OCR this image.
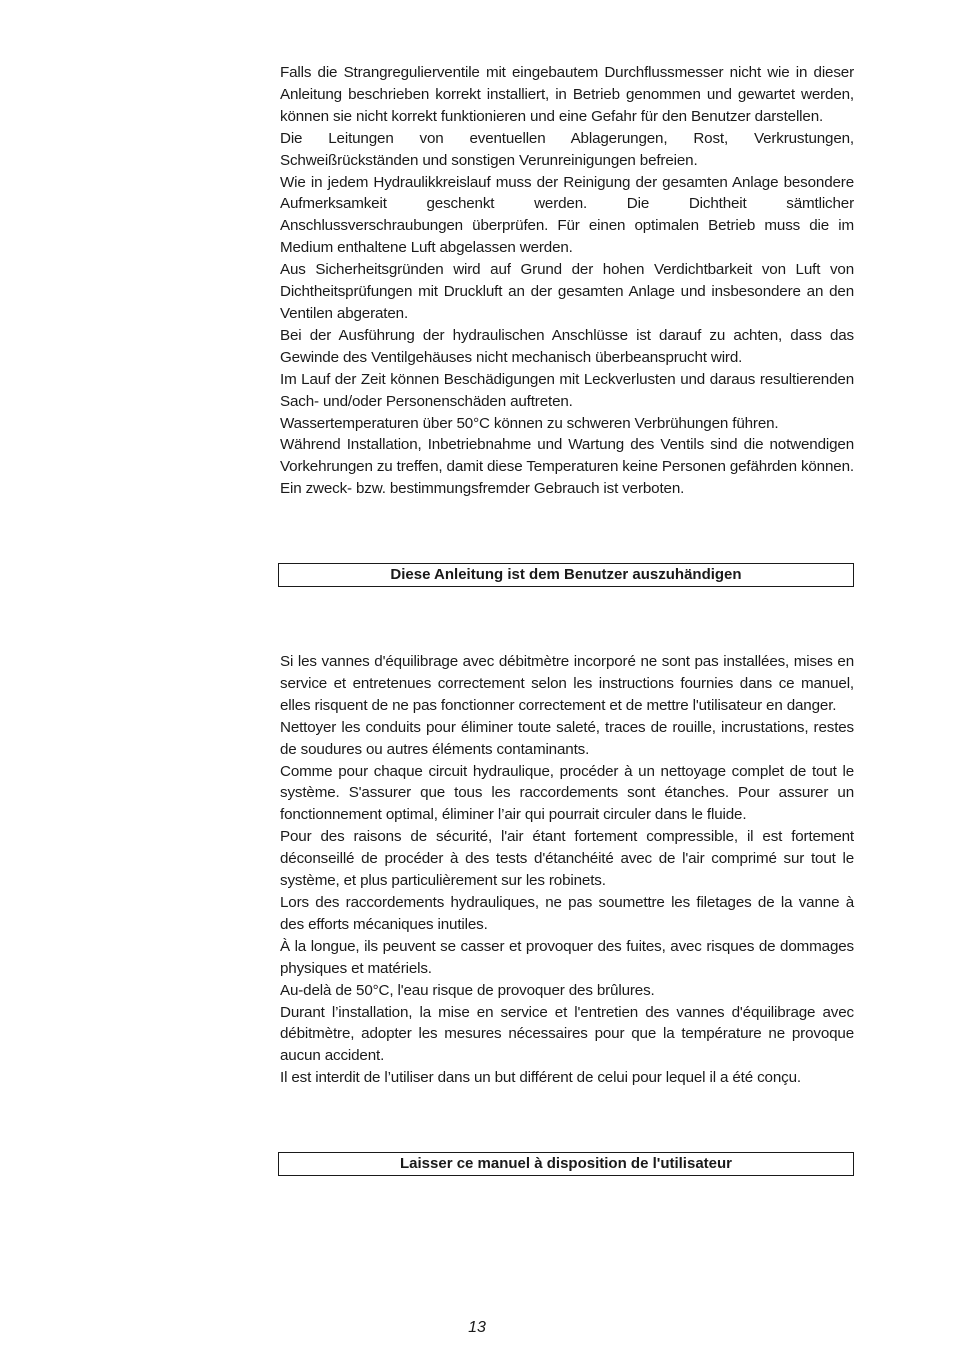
Falls die Strangregulierventile mit eingebautem Durchflussmesser nicht wie in dieser Anleitung beschrieben korrekt installiert, in Betrieb genommen und gewartet werden, können sie nicht korrekt funktionieren und eine Gefahr für den Benutzer darstellen.

Die Leitungen von eventuellen Ablagerungen, Rost, Verkrustungen, Schweißrückständen und sonstigen Verunreinigungen befreien.

Wie in jedem Hydraulikkreislauf muss der Reinigung der gesamten Anlage besondere Aufmerksamkeit geschenkt werden. Die Dichtheit sämtlicher Anschlussverschraubungen überprüfen. Für einen optimalen Betrieb muss die im Medium enthaltene Luft abgelassen werden.

Aus Sicherheitsgründen wird auf Grund der hohen Verdichtbarkeit von Luft von Dichtheitsprüfungen mit Druckluft an der gesamten Anlage und insbesondere an den Ventilen abgeraten.

Bei der Ausführung der hydraulischen Anschlüsse ist darauf zu achten, dass das Gewinde des Ventilgehäuses nicht mechanisch überbeansprucht wird.

Im Lauf der Zeit können Beschädigungen mit Leckverlusten und daraus resultierenden Sach- und/oder Personenschäden auftreten.

Wassertemperaturen über 50°C können zu schweren Verbrühungen führen.

Während Installation, Inbetriebnahme und Wartung des Ventils sind die notwendigen Vorkehrungen zu treffen, damit diese Temperaturen keine Personen gefährden können.

Ein zweck- bzw. bestimmungsfremder Gebrauch ist verboten.

Diese Anleitung ist dem Benutzer auszuhändigen

Si les vannes d'équilibrage avec débitmètre incorporé ne sont pas installées, mises en service et entretenues correctement selon les instructions fournies dans ce manuel, elles risquent de ne pas fonctionner correctement et de mettre l'utilisateur en danger.

Nettoyer les conduits pour éliminer toute saleté, traces de rouille, incrustations, restes de soudures ou autres éléments contaminants.

Comme pour chaque circuit hydraulique, procéder à un nettoyage complet de tout le système. S'assurer que tous les raccordements sont étanches. Pour assurer un fonctionnement optimal, éliminer l’air qui pourrait circuler dans le fluide.

Pour des raisons de sécurité, l'air étant fortement compressible, il est fortement déconseillé de procéder à des tests d'étanchéité avec de l'air comprimé sur tout le système, et plus particulièrement sur les robinets.

Lors des raccordements hydrauliques, ne pas soumettre les filetages de la vanne à des efforts mécaniques inutiles.

À la longue, ils peuvent se casser et provoquer des fuites, avec risques de dommages physiques et matériels.

Au-delà de 50°C, l'eau risque de provoquer des brûlures.

Durant l’installation, la mise en service et l'entretien des vannes d'équilibrage avec débitmètre, adopter les mesures nécessaires pour que la température ne provoque aucun accident.

Il est interdit de l’utiliser dans un but différent de celui pour lequel il a été conçu.

Laisser ce manuel à disposition de l'utilisateur
13
